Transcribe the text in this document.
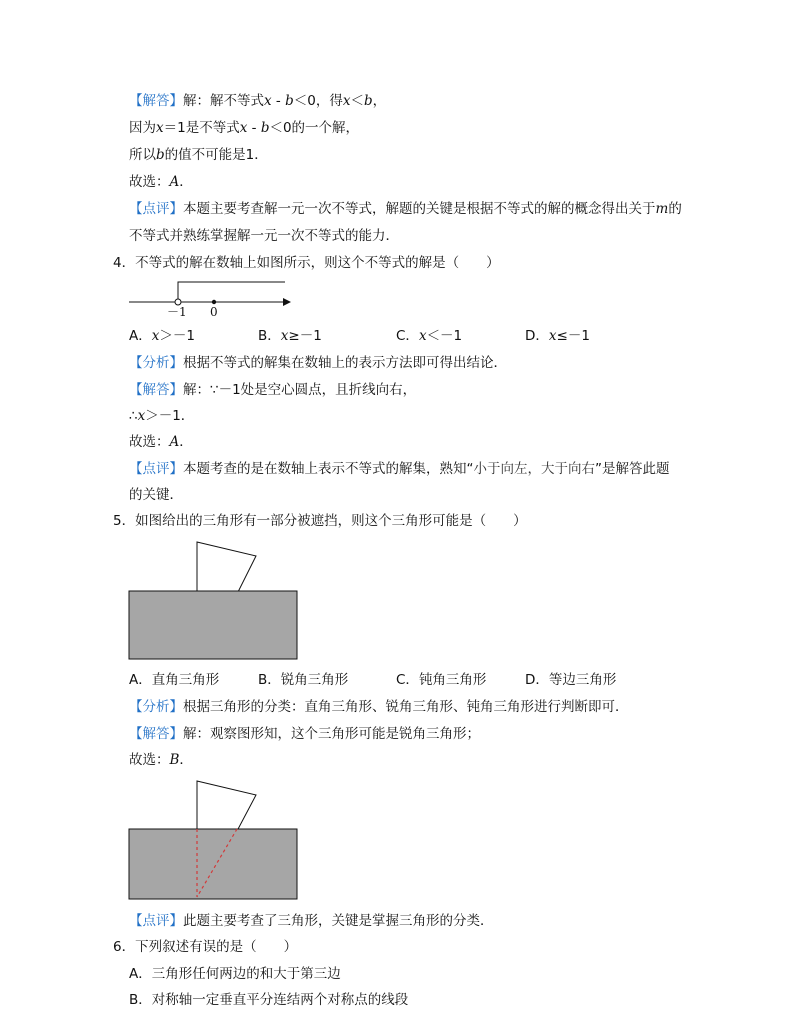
【解答】解：解不等式x - b＜0，得x＜b，
因为x＝1是不等式x - b＜0的一个解，
所以b的值不可能是1．
故选：A．
【点评】本题主要考查解一元一次不等式，解题的关键是根据不等式的解的概念得出关于m的
不等式并熟练掌握解一元一次不等式的能力．
4．不等式的解在数轴上如图所示，则这个不等式的解是（　　）
－1 0
A．x＞－1	B．x≥－1	C．x＜－1	D．x≤－1
【分析】根据不等式的解集在数轴上的表示方法即可得出结论．
【解答】解：∵－1处是空心圆点，且折线向右，
∴x＞－1．
故选：A．
【点评】本题考查的是在数轴上表示不等式的解集，熟知“小于向左，大于向右”是解答此题
的关键．
5．如图给出的三角形有一部分被遮挡，则这个三角形可能是（　　）
A．直角三角形	B．锐角三角形	C．钝角三角形	D．等边三角形
【分析】根据三角形的分类：直角三角形、锐角三角形、钝角三角形进行判断即可．
【解答】解：观察图形知，这个三角形可能是锐角三角形；
故选：B．
【点评】此题主要考查了三角形，关键是掌握三角形的分类．
6．下列叙述有误的是（　　）
A．三角形任何两边的和大于第三边
B．对称轴一定垂直平分连结两个对称点的线段
